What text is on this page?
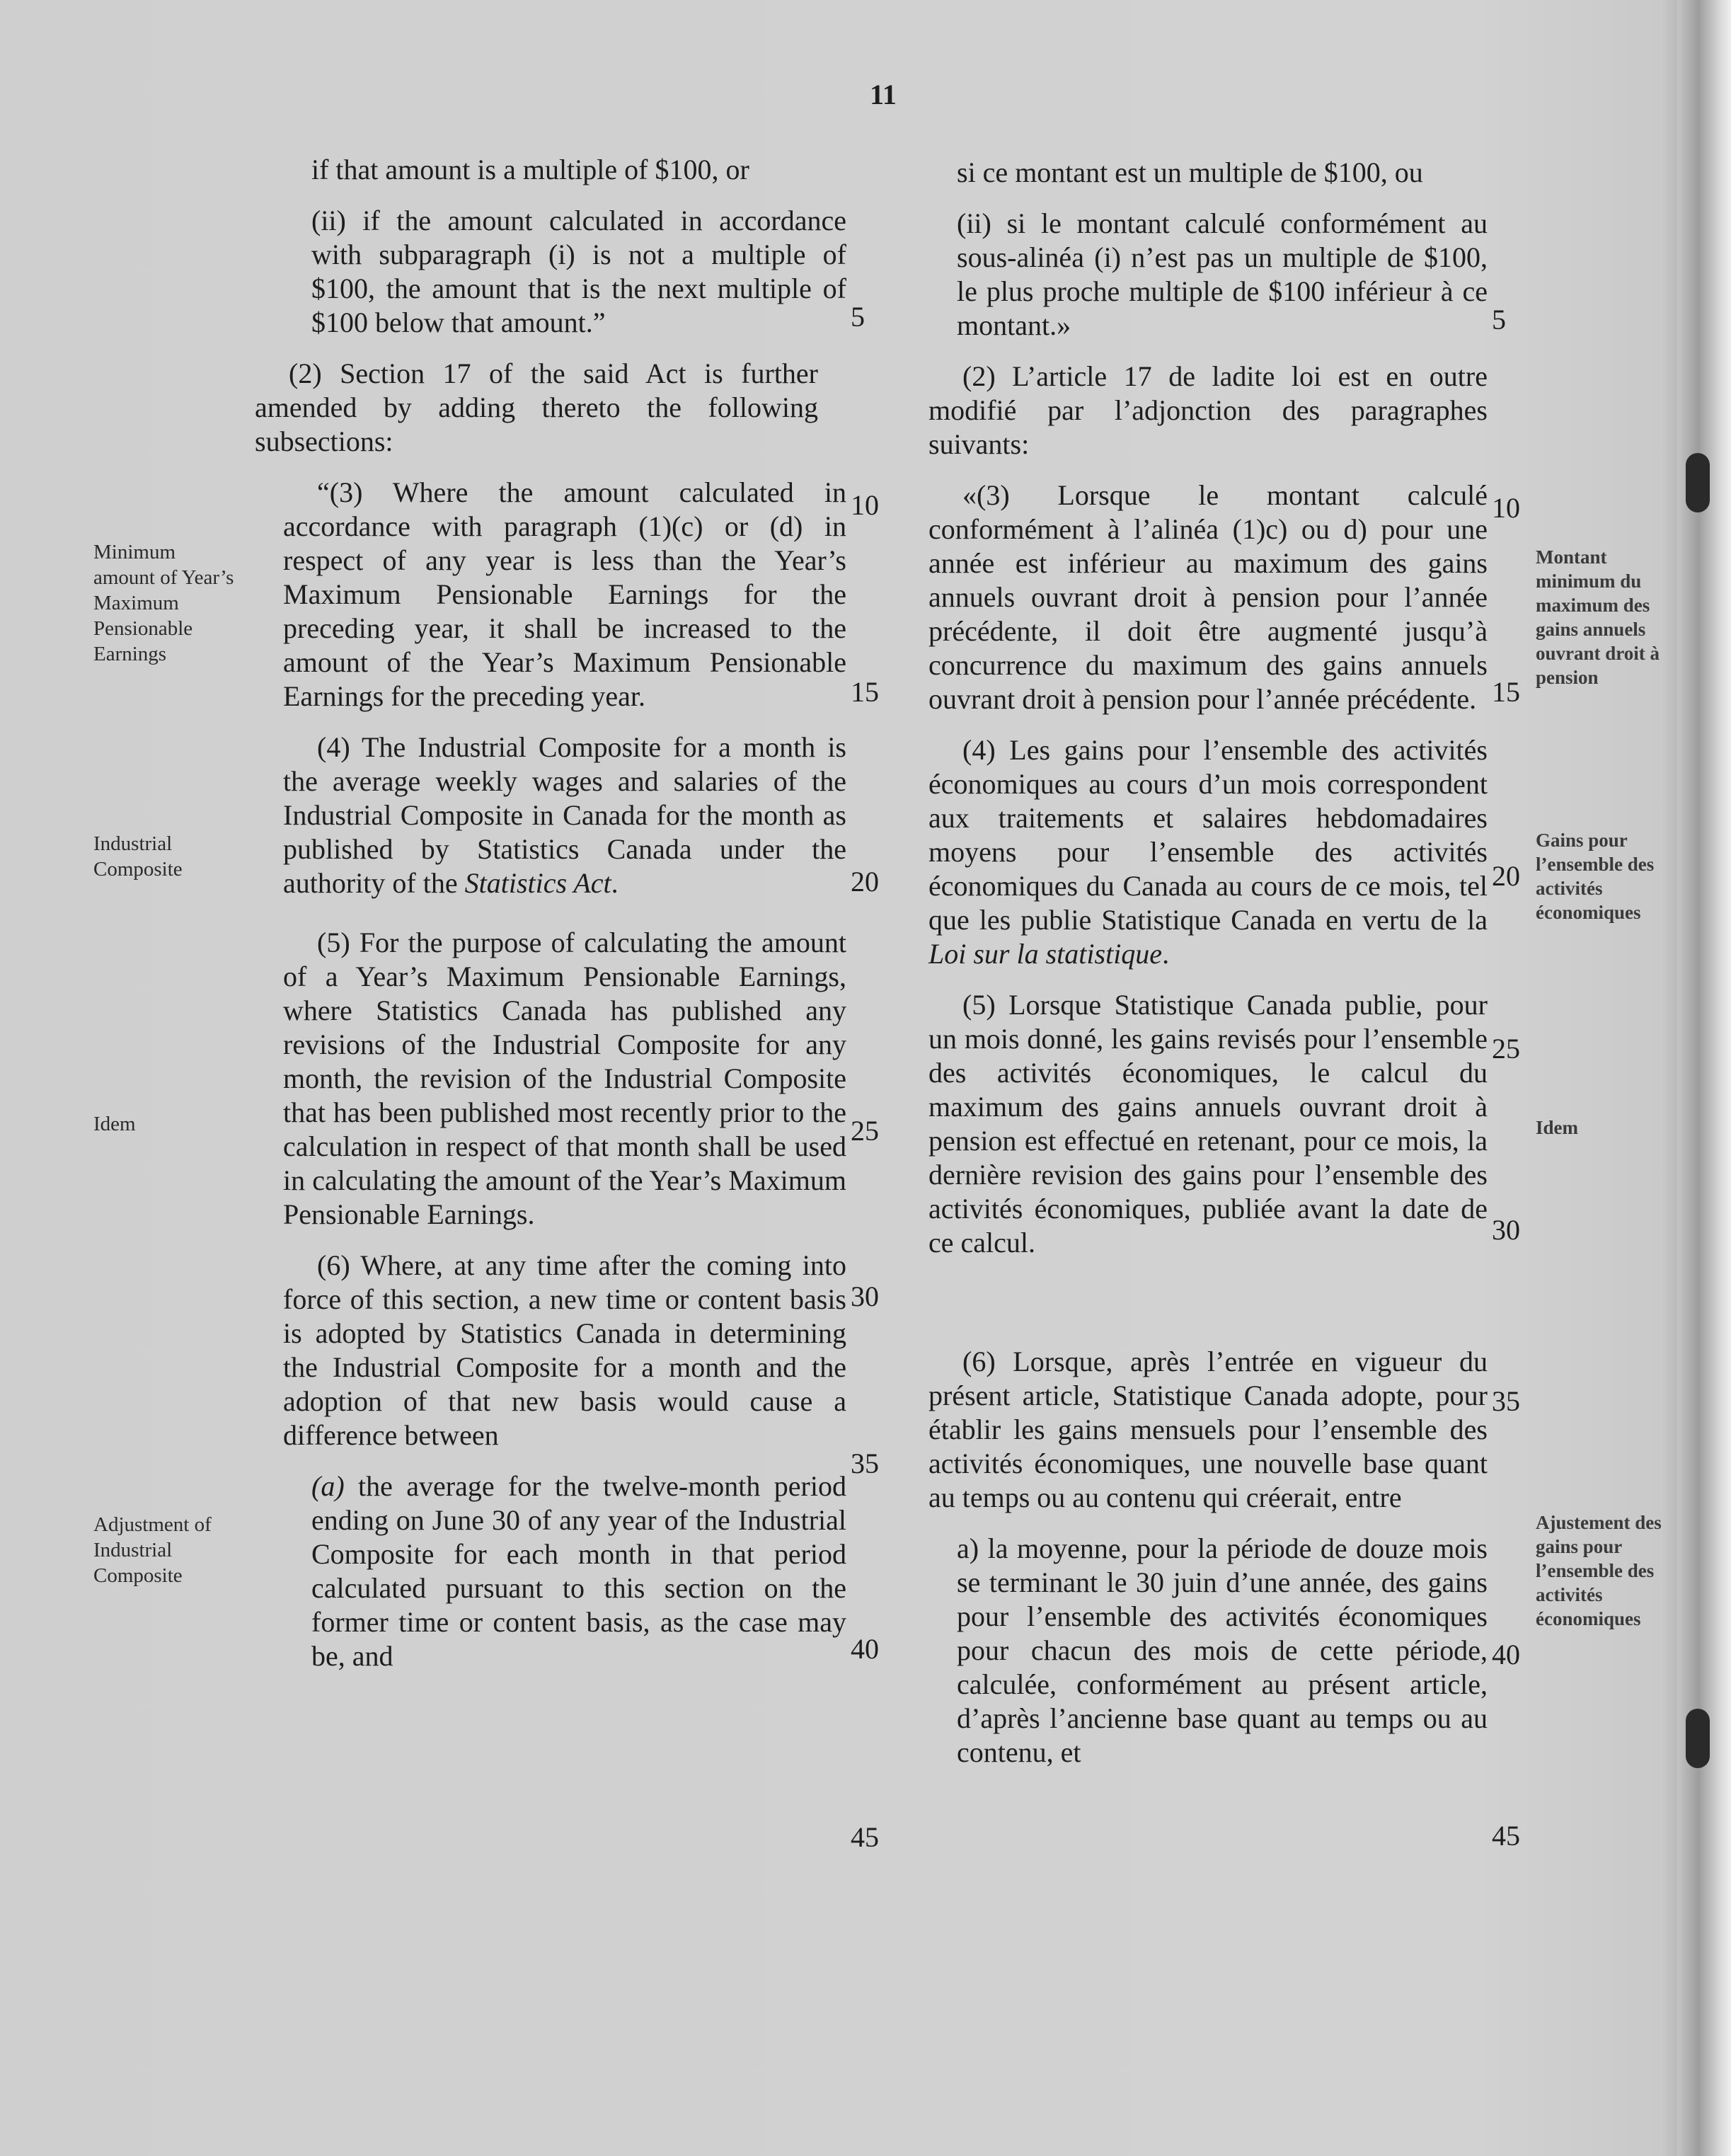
11

if that amount is a multiple of $100, or

(ii) if the amount calculated in accordance with subparagraph (i) is not a multiple of $100, the amount that is the next multiple of $100 below that amount.”

(2) Section 17 of the said Act is further amended by adding thereto the following subsections:

“(3) Where the amount calculated in accordance with paragraph (1)(c) or (d) in respect of any year is less than the Year’s Maximum Pensionable Earnings for the preceding year, it shall be increased to the amount of the Year’s Maximum Pensionable Earnings for the preceding year.

(4) The Industrial Composite for a month is the average weekly wages and salaries of the Industrial Composite in Canada for the month as published by Statistics Canada under the authority of the Statistics Act.

(5) For the purpose of calculating the amount of a Year’s Maximum Pensionable Earnings, where Statistics Canada has published any revisions of the Industrial Composite for any month, the revision of the Industrial Composite that has been published most recently prior to the calculation in respect of that month shall be used in calculating the amount of the Year’s Maximum Pensionable Earnings.

(6) Where, at any time after the coming into force of this section, a new time or content basis is adopted by Statistics Canada in determining the Industrial Composite for a month and the adoption of that new basis would cause a difference between

(a) the average for the twelve-month period ending on June 30 of any year of the Industrial Composite for each month in that period calculated pursuant to this section on the former time or content basis, as the case may be, and

si ce montant est un multiple de $100, ou

(ii) si le montant calculé conformément au sous-alinéa (i) n’est pas un multiple de $100, le plus proche multiple de $100 inférieur à ce montant.»

(2) L’article 17 de ladite loi est en outre modifié par l’adjonction des paragraphes suivants:

«(3) Lorsque le montant calculé conformément à l’alinéa (1)c) ou d) pour une année est inférieur au maximum des gains annuels ouvrant droit à pension pour l’année précédente, il doit être augmenté jusqu’à concurrence du maximum des gains annuels ouvrant droit à pension pour l’année précédente.

(4) Les gains pour l’ensemble des activités économiques au cours d’un mois correspondent aux traitements et salaires hebdomadaires moyens pour l’ensemble des activités économiques du Canada au cours de ce mois, tel que les publie Statistique Canada en vertu de la Loi sur la statistique.

(5) Lorsque Statistique Canada publie, pour un mois donné, les gains revisés pour l’ensemble des activités économiques, le calcul du maximum des gains annuels ouvrant droit à pension est effectué en retenant, pour ce mois, la dernière revision des gains pour l’ensemble des activités économiques, publiée avant la date de ce calcul.

(6) Lorsque, après l’entrée en vigueur du présent article, Statistique Canada adopte, pour établir les gains mensuels pour l’ensemble des activités économiques, une nouvelle base quant au temps ou au contenu qui créerait, entre

a) la moyenne, pour la période de douze mois se terminant le 30 juin d’une année, des gains pour l’ensemble des activités économiques pour chacun des mois de cette période, calculée, conformément au présent article, d’après l’ancienne base quant au temps ou au contenu, et

Minimum amount of Year’s Maximum Pensionable Earnings
Industrial Composite
Idem
Adjustment of Industrial Composite
Montant minimum du maximum des gains annuels ouvrant droit à pension
Gains pour l’ensemble des activités économiques
Idem
Ajustement des gains pour l’ensemble des activités économiques
5
10
15
20
25
30
35
40
45
5
10
15
20
25
30
35
40
45
